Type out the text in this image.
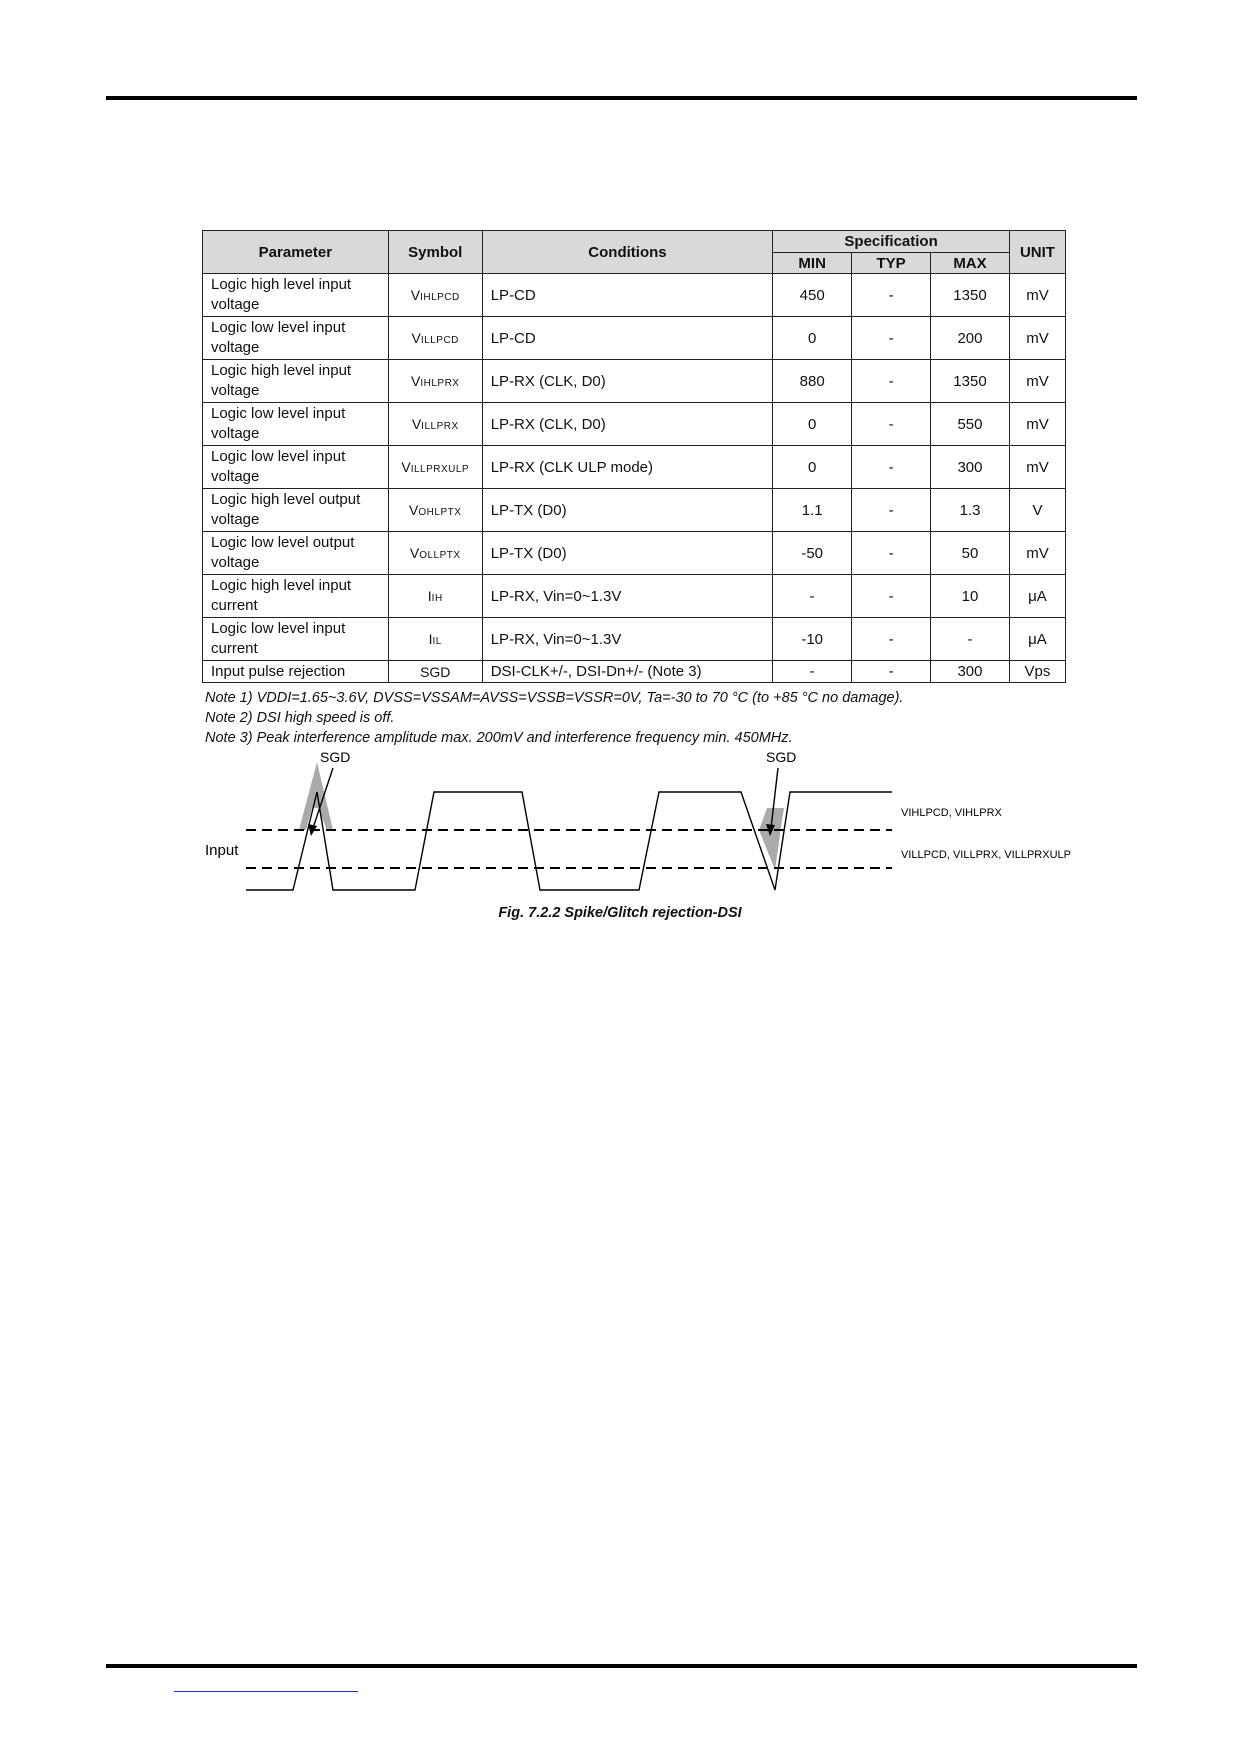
Parameter	Symbol	Conditions	Specification			UNIT
			MIN	TYP	MAX	
Logic high level input voltage	VIHLPCD	LP-CD	450	-	1350	mV
Logic low level input voltage	VILLPCD	LP-CD	0	-	200	mV
Logic high level input voltage	VIHLPRX	LP-RX (CLK, D0)	880	-	1350	mV
Logic low level input voltage	VILLPRX	LP-RX (CLK, D0)	0	-	550	mV
Logic low level input voltage	VILLPRXULP	LP-RX (CLK ULP mode)	0	-	300	mV
Logic high level output voltage	VOHLPTX	LP-TX (D0)	1.1	-	1.3	V
Logic low level output voltage	VOLLPTX	LP-TX (D0)	-50	-	50	mV
Logic high level input current	IIH	LP-RX, Vin=0~1.3V	-	-	10	μA
Logic low level input current	IIL	LP-RX, Vin=0~1.3V	-10	-	-	μA
Input pulse rejection	SGD	DSI-CLK+/-, DSI-Dn+/- (Note 3)	-	-	300	Vps
Note 1) VDDI=1.65~3.6V, DVSS=VSSAM=AVSS=VSSB=VSSR=0V, Ta=-30 to 70 °C (to +85 °C no damage).
Note 2) DSI high speed is off.
Note 3) Peak interference amplitude max. 200mV and interference frequency min. 450MHz.
SGD	SGD
Input
VIHLPCD, VIHLPRX
VILLPCD, VILLPRX, VILLPRXULP
Fig. 7.2.2 Spike/Glitch rejection-DSI
